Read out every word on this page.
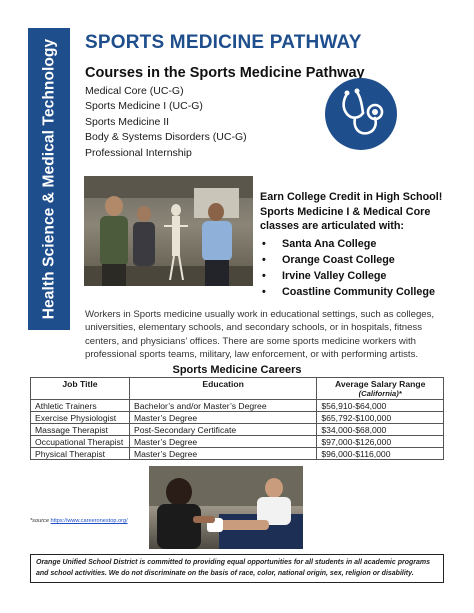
Health Science & Medical Technology SPORTS MEDICINE PATHWAY
Courses in the Sports Medicine Pathway
Medical Core (UC-G)
Sports Medicine I (UC-G)
Sports Medicine II
Body & Systems Disorders (UC-G)
Professional Internship
Earn College Credit in High School! Sports Medicine I & Medical Core classes are articulated with:
•	Santa Ana College
•	Orange Coast College
•	Irvine Valley College
•	Coastline Community College

Workers in Sports medicine usually work in educational settings, such as colleges, universities, elementary schools, and secondary schools, or in hospitals, fitness centers, and physicians’ offices. There are some sports medicine workers with professional sports teams, military, law enforcement, or with performing artists.

Sports Medicine Careers
Job Title	Education	Average Salary Range
(California)*

Athletic Trainers	Bachelor’s and/or Master’s Degree	$56,910-$64,000
Exercise Physiologist	Master’s Degree	$65,792-$100,000
Massage Therapist	Post-Secondary Certificate	$34,000-$68,000
Occupational Therapist	Master’s Degree	$97,000-$126,000
Physical Therapist	Master’s Degree	$96,000-$116,000
*source https://www.careeronestop.org/
Orange Unified School District is committed to providing equal opportunities for all students in all academic programs and school activities. We do not discriminate on the basis of race, color, national origin, sex, religion or disability.
